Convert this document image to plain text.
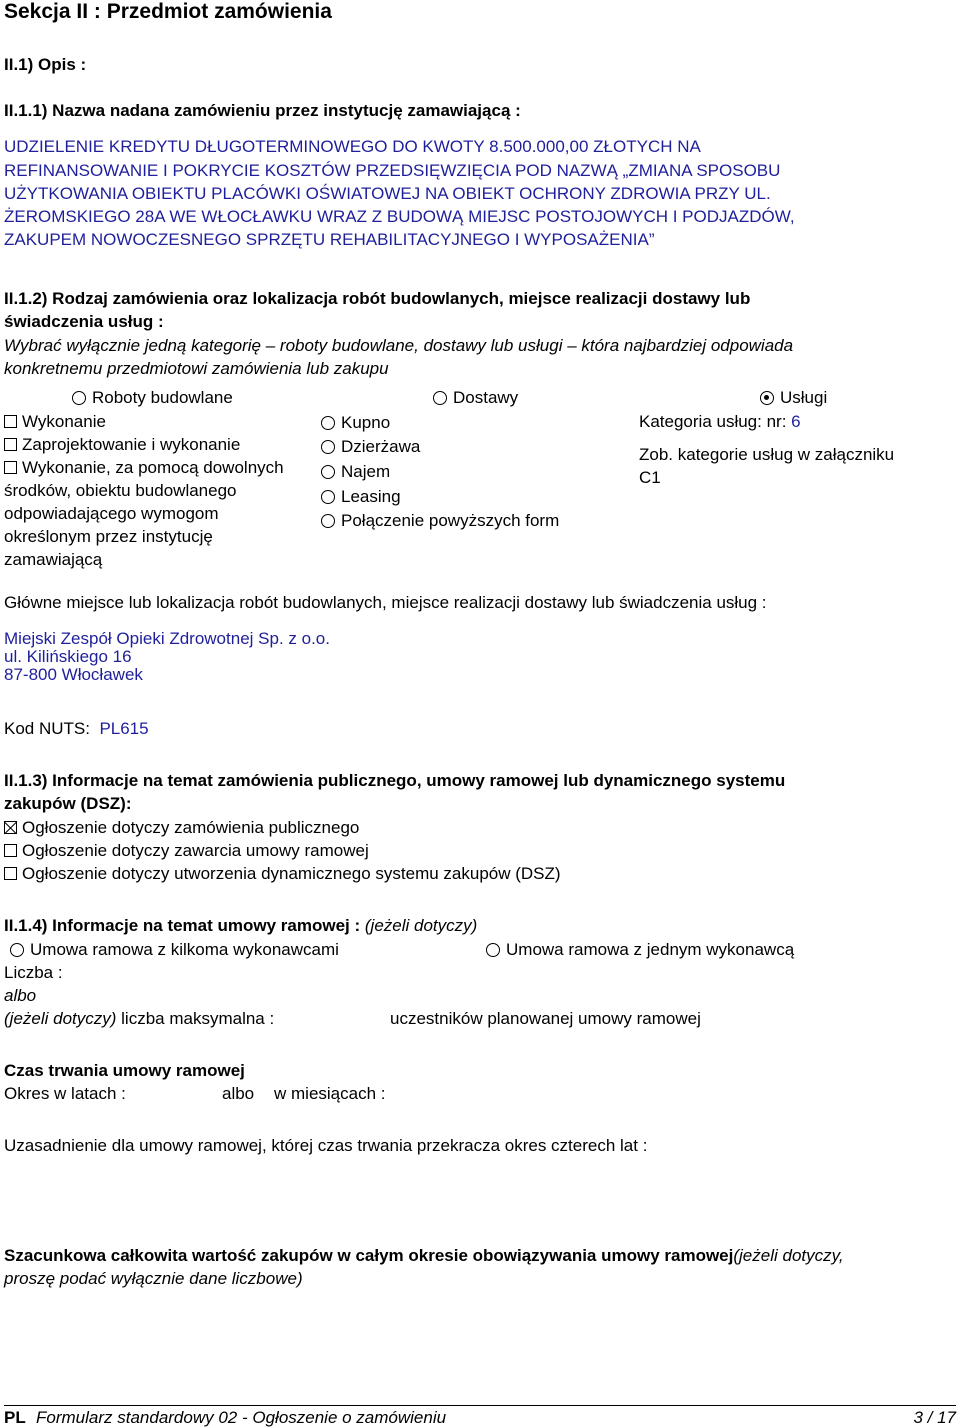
Sekcja II : Przedmiot zamówienia
II.1) Opis :
II.1.1) Nazwa nadana zamówieniu przez instytucję zamawiającą :
UDZIELENIE KREDYTU DŁUGOTERMINOWEGO DO KWOTY 8.500.000,00 ZŁOTYCH NA
REFINANSOWANIE I POKRYCIE KOSZTÓW PRZEDSIĘWZIĘCIA POD NAZWĄ „ZMIANA SPOSOBU
UŻYTKOWANIA OBIEKTU PLACÓWKI OŚWIATOWEJ NA OBIEKT OCHRONY ZDROWIA PRZY UL.
ŻEROMSKIEGO 28A WE WŁOCŁAWKU WRAZ Z BUDOWĄ MIEJSC POSTOJOWYCH I PODJAZDÓW,
ZAKUPEM NOWOCZESNEGO SPRZĘTU REHABILITACYJNEGO I WYPOSAŻENIA”
II.1.2) Rodzaj zamówienia oraz lokalizacja robót budowlanych, miejsce realizacji dostawy lub
świadczenia usług :
Wybrać wyłącznie jedną kategorię – roboty budowlane, dostawy lub usługi – która najbardziej odpowiada
konkretnemu przedmiotowi zamówienia lub zakupu
Roboty budowlane	Dostawy	Usługi
Wykonanie
Zaprojektowanie i wykonanie
Wykonanie, za pomocą dowolnych
środków, obiektu budowlanego
odpowiadającego wymogom
określonym przez instytucję
zamawiającą
Kupno
Dzierżawa
Najem
Leasing
Połączenie powyższych form
Kategoria usług: nr: 6
Zob. kategorie usług w załączniku
C1
Główne miejsce lub lokalizacja robót budowlanych, miejsce realizacji dostawy lub świadczenia usług :
Miejski Zespół Opieki Zdrowotnej Sp. z o.o.
ul. Kilińskiego 16
87-800 Włocławek
Kod NUTS: PL615
II.1.3) Informacje na temat zamówienia publicznego, umowy ramowej lub dynamicznego systemu
zakupów (DSZ):
Ogłoszenie dotyczy zamówienia publicznego
Ogłoszenie dotyczy zawarcia umowy ramowej
Ogłoszenie dotyczy utworzenia dynamicznego systemu zakupów (DSZ)
II.1.4) Informacje na temat umowy ramowej : (jeżeli dotyczy)
Umowa ramowa z kilkoma wykonawcami	Umowa ramowa z jednym wykonawcą
Liczba :
albo
(jeżeli dotyczy) liczba maksymalna :	uczestników planowanej umowy ramowej
Czas trwania umowy ramowej
Okres w latach :	albo w miesiącach :
Uzasadnienie dla umowy ramowej, której czas trwania przekracza okres czterech lat :
Szacunkowa całkowita wartość zakupów w całym okresie obowiązywania umowy ramowej(jeżeli dotyczy,
proszę podać wyłącznie dane liczbowe)
PL Formularz standardowy 02 - Ogłoszenie o zamówieniu	3 / 17
